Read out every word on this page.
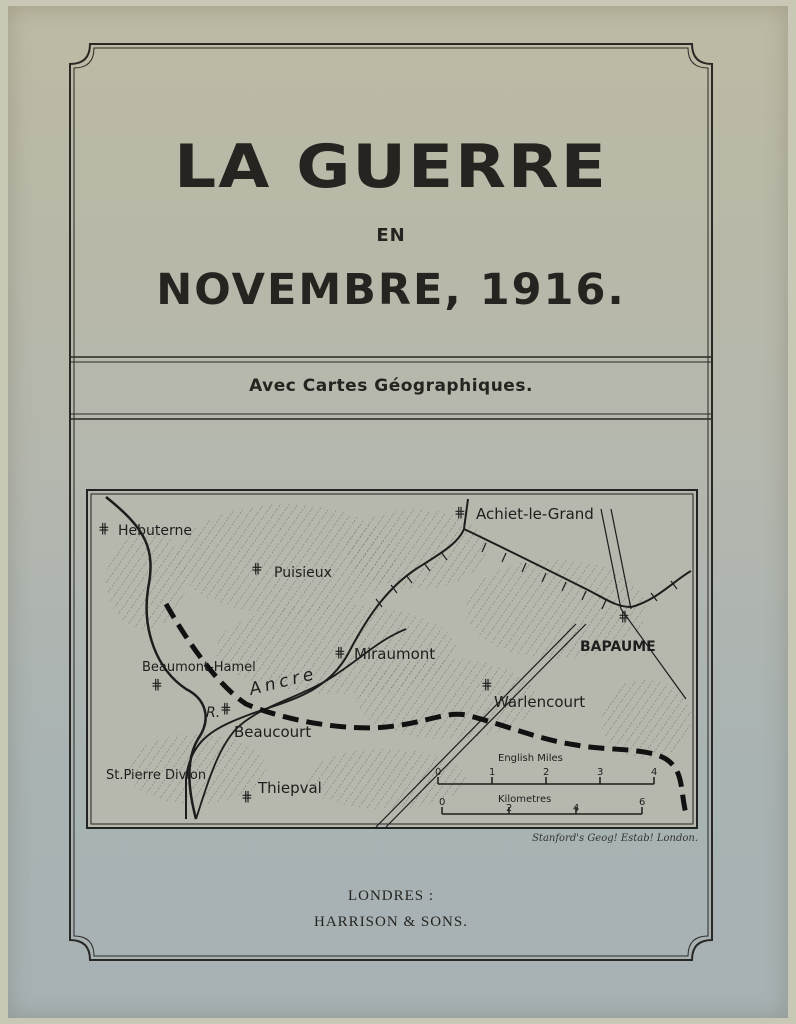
LA GUERRE
EN
NOVEMBRE, 1916.
Avec Cartes Géographiques.
⋕
⋕
⋕
⋕
⋕
⋕
⋕
⋕
⋕
Hebuterne
Achiet-le-Grand
Puisieux
BAPAUME
Miraumont
Beaumont-Hamel
R.
Ancre
Warlencourt
Beaucourt
St.Pierre Divion
Thiepval
English Miles
0	1	2	3	4
Kilometres
0
2	4
6
Stanford's Geog! Estab! London.
LONDRES :
HARRISON & SONS.
